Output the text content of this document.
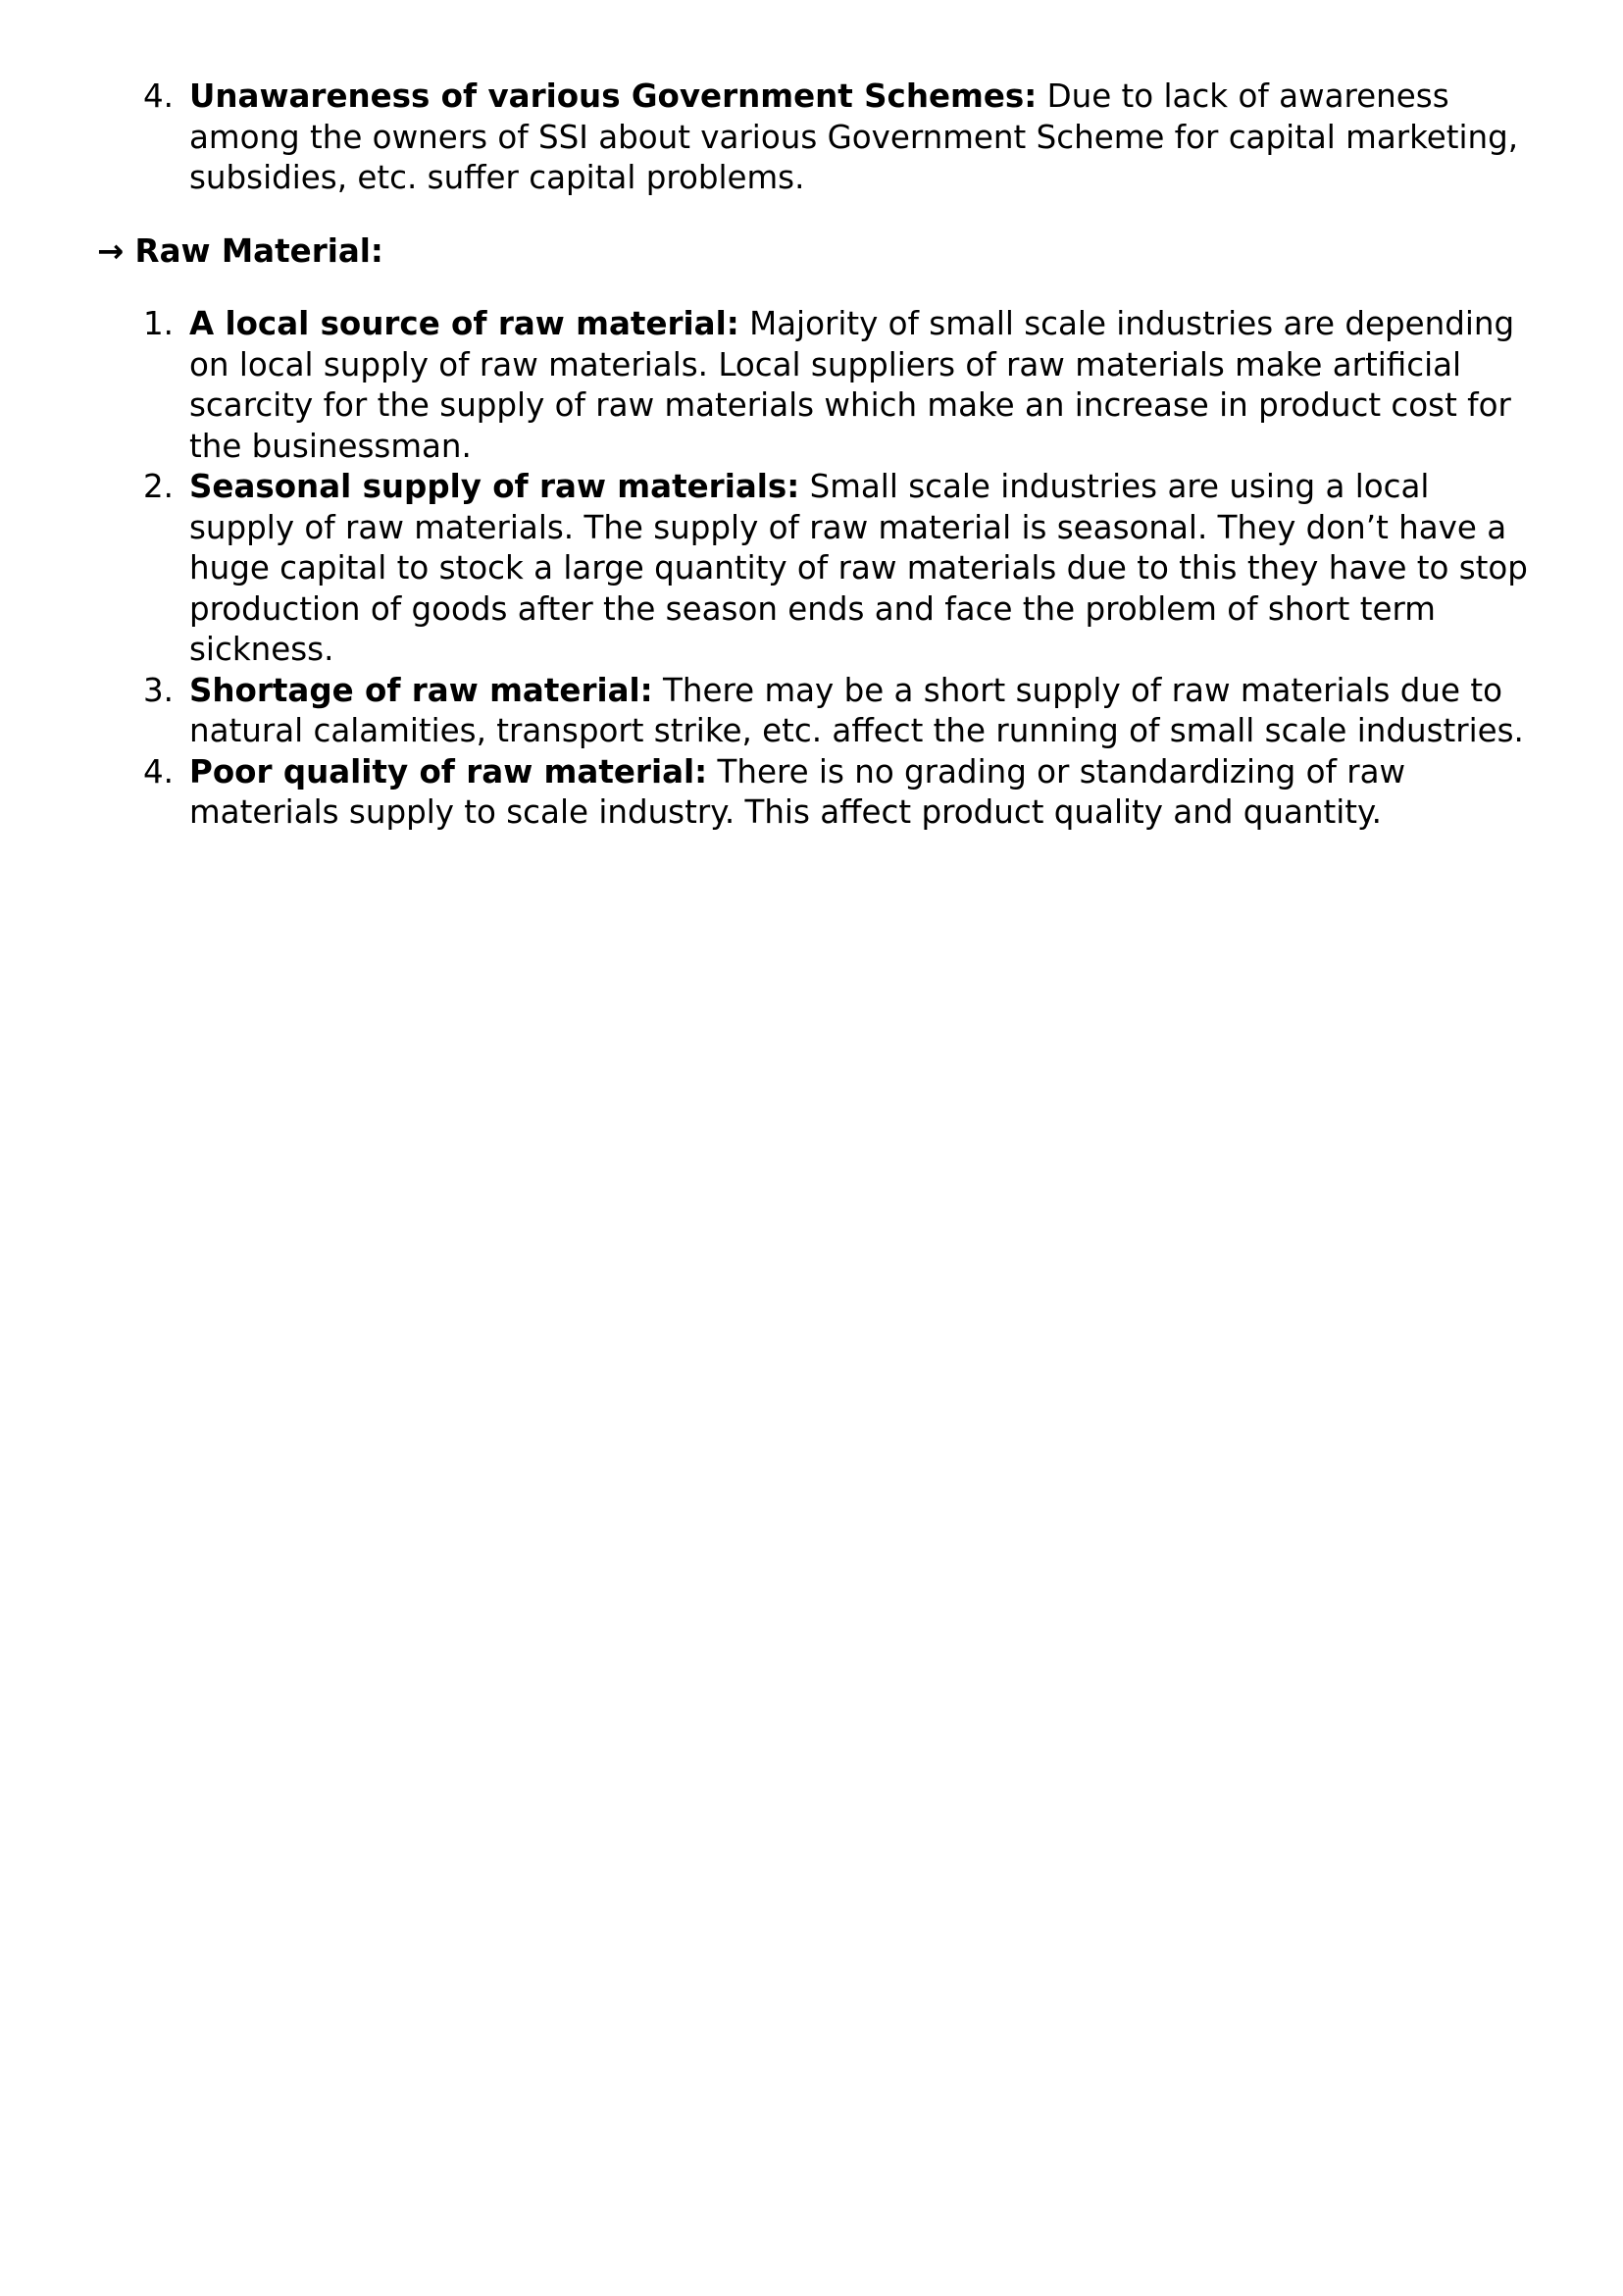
4. Unawareness of various Government Schemes: Due to lack of awareness among the owners of SSI about various Government Scheme for capital marketing, subsidies, etc. suffer capital problems.
→ Raw Material:
1. A local source of raw material: Majority of small scale industries are depending on local supply of raw materials. Local suppliers of raw materials make artificial scarcity for the supply of raw materials which make an increase in product cost for the businessman.
2. Seasonal supply of raw materials: Small scale industries are using a local supply of raw materials. The supply of raw material is seasonal. They don’t have a huge capital to stock a large quantity of raw materials due to this they have to stop production of goods after the season ends and face the problem of short term sickness.
3. Shortage of raw material: There may be a short supply of raw materials due to natural calamities, transport strike, etc. affect the running of small scale industries.
4. Poor quality of raw material: There is no grading or standardizing of raw materials supply to scale industry. This affect product quality and quantity.
